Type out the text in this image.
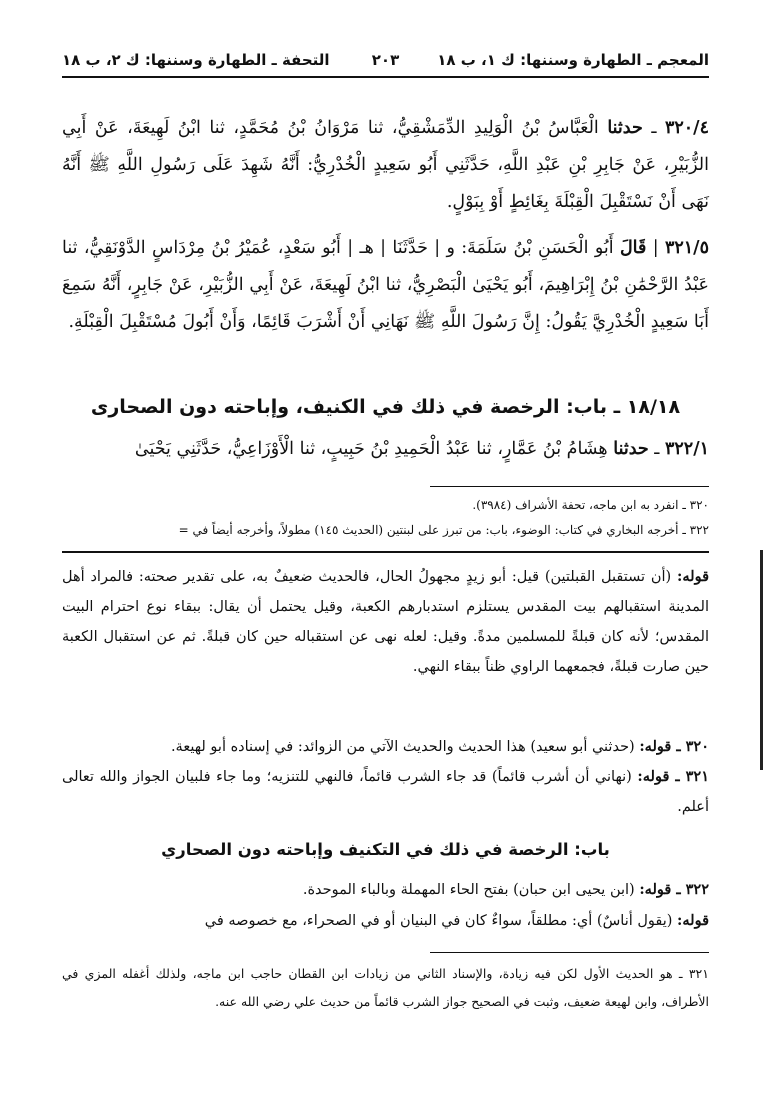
المعجم ـ الطهارة وسننها: ك ١، ب ١٨
٢٠٣
التحفة ـ الطهارة وسننها: ك ٢، ب ١٨
٣٢٠/٤ ـ حدثنا الْعَبَّاسُ بْنُ الْوَلِيدِ الدِّمَشْقِيُّ، ثنا مَرْوَانُ بْنُ مُحَمَّدٍ، ثنا ابْنُ لَهِيعَةَ، عَنْ أَبِي الزُّبَيْرِ، عَنْ جَابِرِ بْنِ عَبْدِ اللَّهِ، حَدَّثَنِي أَبُو سَعِيدٍ الْخُدْرِيُّ: أَنَّهُ شَهِدَ عَلَى رَسُولِ اللَّهِ ﷺ أَنَّهُ نَهَى أَنْ نَسْتَقْبِلَ الْقِبْلَةَ بِغَائِطٍ أَوْ بِبَوْلٍ.
٣٢١/٥ | قَالَ أَبُو الْحَسَنِ بْنُ سَلَمَةَ: و | حَدَّثَنَا | هـ | أَبُو سَعْدٍ، عُمَيْرُ بْنُ مِرْدَاسٍ الدَّوْنَقِيُّ، ثنا عَبْدُ الرَّحْمَٰنِ بْنُ إِبْرَاهِيمَ، أَبُو يَحْيَىٰ الْبَصْرِيُّ، ثنا ابْنُ لَهِيعَةَ، عَنْ أَبِي الزُّبَيْرِ، عَنْ جَابِرٍ، أَنَّهُ سَمِعَ أَبَا سَعِيدٍ الْخُدْرِيَّ يَقُولُ: إِنَّ رَسُولَ اللَّهِ ﷺ نَهَانِي أَنْ أَشْرَبَ قَائِمًا، وَأَنْ أَبُولَ مُسْتَقْبِلَ الْقِبْلَةِ.
١٨/١٨ ـ باب: الرخصة في ذلك في الكنيف، وإباحته دون الصحارى
٣٢٢/١ ـ حدثنا هِشَامُ بْنُ عَمَّارٍ، ثنا عَبْدُ الْحَمِيدِ بْنُ حَبِيبٍ، ثنا الْأَوْزَاعِيُّ، حَدَّثَنِي يَحْيَىٰ
٣٢٠ ـ انفرد به ابن ماجه، تحفة الأشراف (٣٩٨٤).
٣٢٢ ـ أخرجه البخاري في كتاب: الوضوء، باب: من تبرز على لبنتين (الحديث ١٤٥) مطولاً، وأخرجه أيضاً في =
قوله: (أن تستقبل القبلتين) قيل: أبو زيدٍ مجهولُ الحال، فالحديث ضعيفٌ به، على تقدير صحته: فالمراد أهل المدينة استقبالهم بيت المقدس يستلزم استدبارهم الكعبة، وقيل يحتمل أن يقال: ببقاء نوع احترام البيت المقدس؛ لأنه كان قبلةً للمسلمين مدةً. وقيل: لعله نهى عن استقباله حين كان قبلةً. ثم عن استقبال الكعبة حين صارت قبلةً، فجمعهما الراوي ظناً ببقاء النهي.
٣٢٠ ـ قوله: (حدثني أبو سعيد) هذا الحديث والحديث الآتي من الزوائد: في إسناده أبو لهيعة.
٣٢١ ـ قوله: (نهاني أن أشرب قائماً) قد جاء الشرب قائماً، فالنهي للتنزيه؛ وما جاء فلبيان الجواز والله تعالى أعلم.
باب: الرخصة في ذلك في التكنيف وإباحته دون الصحاري
٣٢٢ ـ قوله: (ابن يحيى ابن حبان) بفتح الحاء المهملة وبالباء الموحدة.
قوله: (يقول أناسٌ) أي: مطلقاً، سواءٌ كان في البنيان أو في الصحراء، مع خصوصه في
٣٢١ ـ هو الحديث الأول لكن فيه زيادة، والإسناد الثاني من زيادات ابن القطان حاجب ابن ماجه، ولذلك أغفله المزي في الأطراف، وابن لهيعة ضعيف، وثبت في الصحيح جواز الشرب قائماً من حديث علي رضي الله عنه.
